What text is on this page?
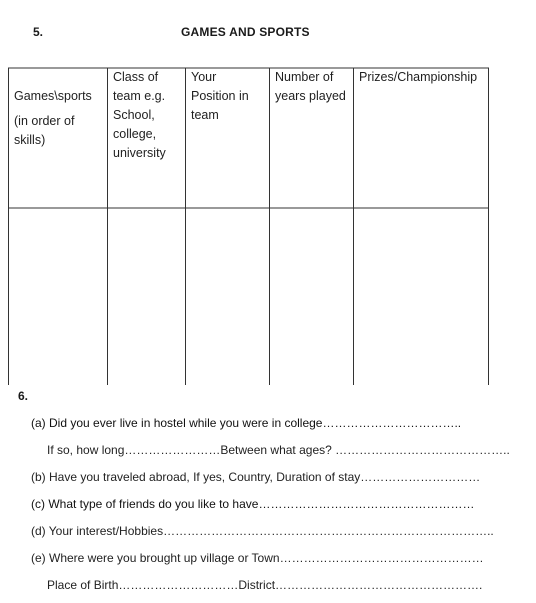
5.	GAMES AND SPORTS
Games\sports
(in order of
skills)
Class of
team e.g.
School,
college,
university
Your
Position in
team
Number of
years played
Prizes/Championship
6.
(a) Did you ever live in hostel while you were in college……………………………..
If so, how long……………………Between what ages? ……………………………………..
(b) Have you traveled abroad, If yes, Country, Duration of stay…………………………
(c) What type of friends do you like to have………………………………………………
(d) Your interest/Hobbies………………………………………………………………………..
(e) Where were you brought up village or Town……………………………………………
Place of Birth…………………………District…………………………………………….
